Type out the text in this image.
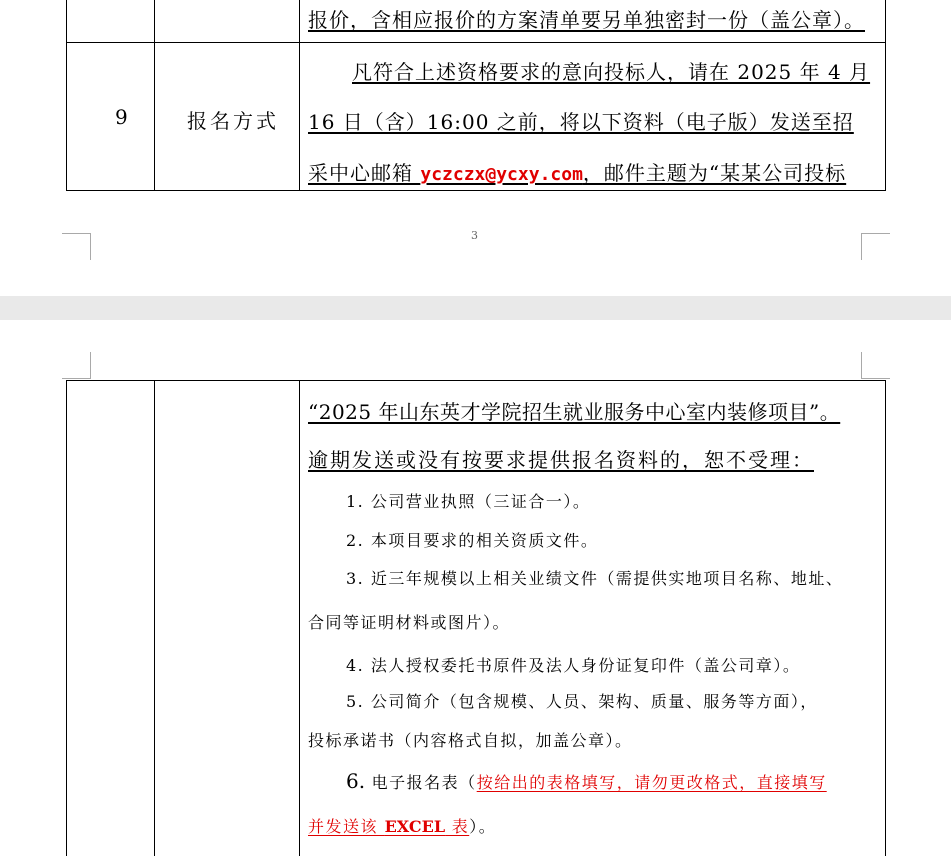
报价，含相应报价的方案清单要另单独密封一份（盖公章）。
9	报名方式
凡符合上述资格要求的意向投标人，请在 2025 年 4 月
16 日（含）16:00 之前，将以下资料（电子版）发送至招
采中心邮箱 yczczx@ycxy.com，邮件主题为“某某公司投标
3
“2025 年山东英才学院招生就业服务中心室内装修项目”。
逾期发送或没有按要求提供报名资料的，恕不受理：
1. 公司营业执照（三证合一）。
2. 本项目要求的相关资质文件。
3. 近三年规模以上相关业绩文件（需提供实地项目名称、地址、
合同等证明材料或图片）。
4. 法人授权委托书原件及法人身份证复印件（盖公司章）。
5. 公司简介（包含规模、人员、架构、质量、服务等方面），
投标承诺书（内容格式自拟，加盖公章）。
6. 电子报名表（按给出的表格填写，请勿更改格式，直接填写
并发送该 EXCEL 表）。
